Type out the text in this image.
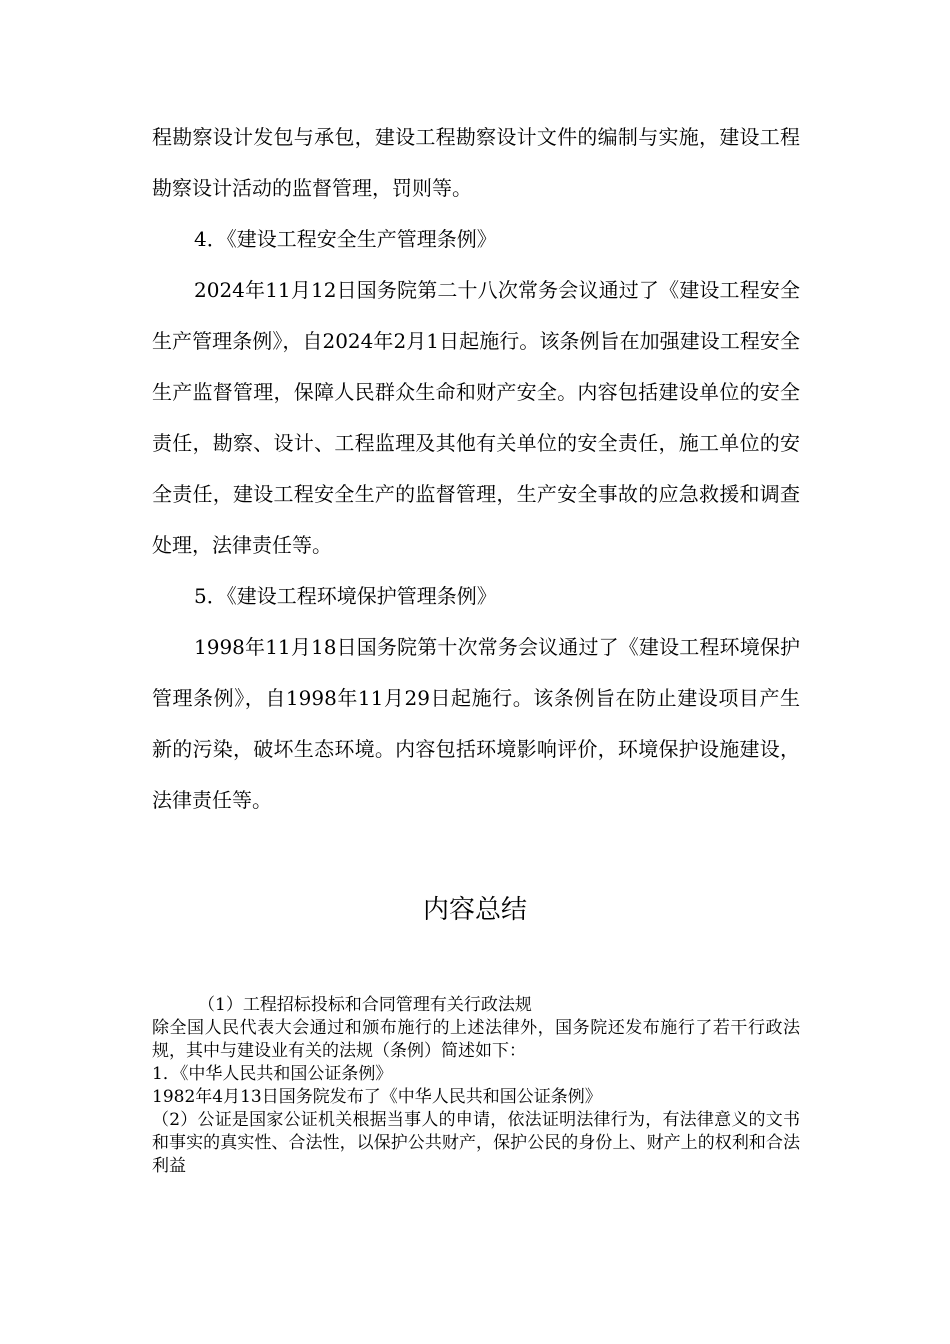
程勘察设计发包与承包，建设工程勘察设计文件的编制与实施，建设工程勘察设计活动的监督管理，罚则等。

4．《建设工程安全生产管理条例》

2024年11月12日国务院第二十八次常务会议通过了《建设工程安全生产管理条例》，自2024年2月1日起施行。该条例旨在加强建设工程安全生产监督管理，保障人民群众生命和财产安全。内容包括建设单位的安全责任，勘察、设计、工程监理及其他有关单位的安全责任，施工单位的安全责任，建设工程安全生产的监督管理，生产安全事故的应急救援和调查处理，法律责任等。

5．《建设工程环境保护管理条例》

1998年11月18日国务院第十次常务会议通过了《建设工程环境保护管理条例》，自1998年11月29日起施行。该条例旨在防止建设项目产生新的污染，破坏生态环境。内容包括环境影响评价，环境保护设施建设，法律责任等。

内容总结

（1）工程招标投标和合同管理有关行政法规

除全国人民代表大会通过和颁布施行的上述法律外，国务院还发布施行了若干行政法规，其中与建设业有关的法规（条例）简述如下：

1．《中华人民共和国公证条例》

1982年4月13日国务院发布了《中华人民共和国公证条例》

（2）公证是国家公证机关根据当事人的申请，依法证明法律行为，有法律意义的文书和事实的真实性、合法性，以保护公共财产，保护公民的身份上、财产上的权利和合法利益
